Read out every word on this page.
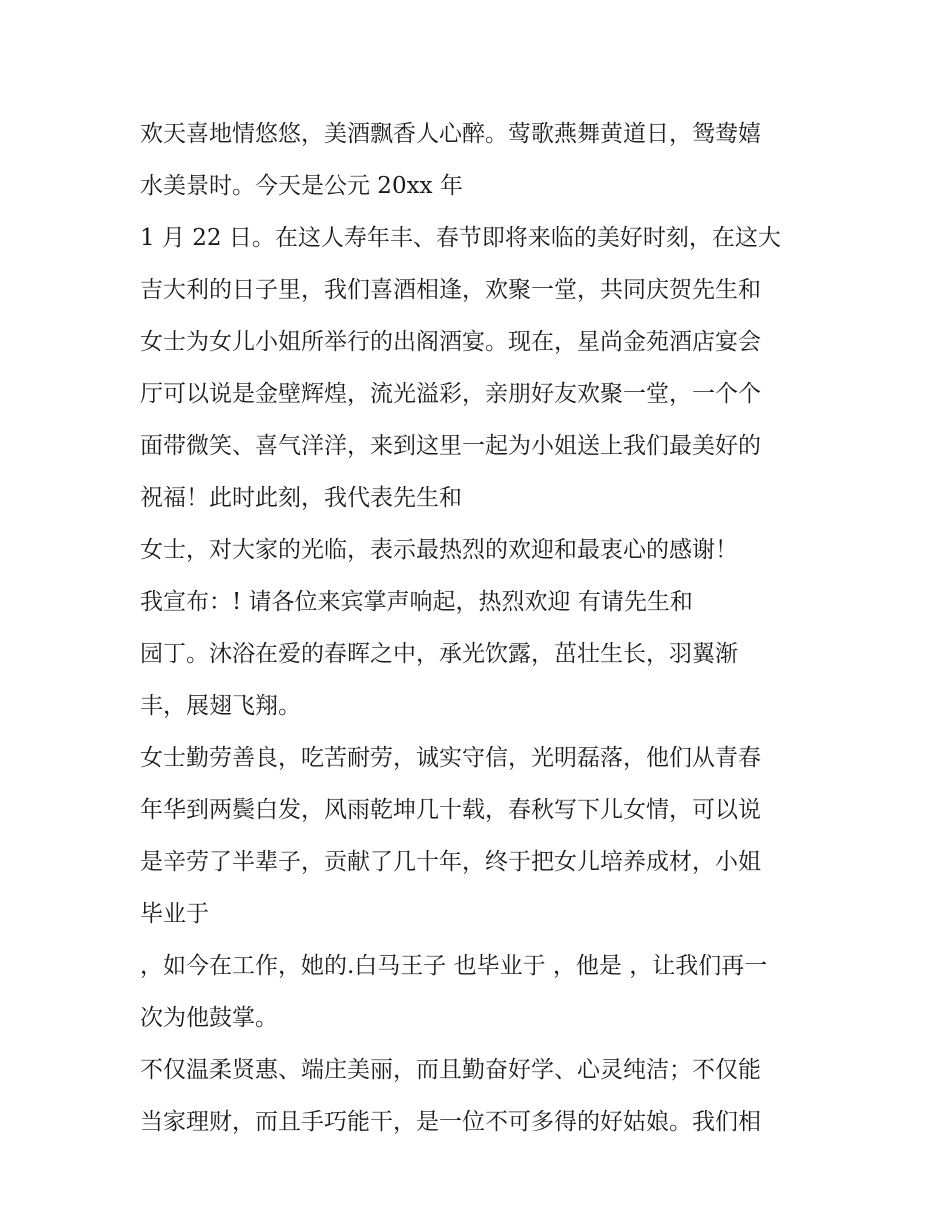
欢天喜地情悠悠，美酒飘香人心醉。莺歌燕舞黄道日，鸳鸯嬉
水美景时。今天是公元 20xx 年
1 月 22 日。在这人寿年丰、春节即将来临的美好时刻，在这大
吉大利的日子里，我们喜酒相逢，欢聚一堂，共同庆贺先生和
女士为女儿小姐所举行的出阁酒宴。现在，星尚金苑酒店宴会
厅可以说是金壁辉煌，流光溢彩，亲朋好友欢聚一堂，一个个
面带微笑、喜气洋洋，来到这里一起为小姐送上我们最美好的
祝福！此时此刻，我代表先生和
女士，对大家的光临，表示最热烈的欢迎和最衷心的感谢！
我宣布：! 请各位来宾掌声响起，热烈欢迎 有请先生和
园丁。沐浴在爱的春晖之中，承光饮露，茁壮生长，羽翼渐
丰，展翅飞翔。
女士勤劳善良，吃苦耐劳，诚实守信，光明磊落，他们从青春
年华到两鬓白发，风雨乾坤几十载，春秋写下儿女情，可以说
是辛劳了半辈子，贡献了几十年，终于把女儿培养成材，小姐
毕业于
，如今在工作，她的.白马王子 也毕业于 ，他是 ，让我们再一
次为他鼓掌。
不仅温柔贤惠、端庄美丽，而且勤奋好学、心灵纯洁；不仅能
当家理财，而且手巧能干，是一位不可多得的好姑娘。我们相
